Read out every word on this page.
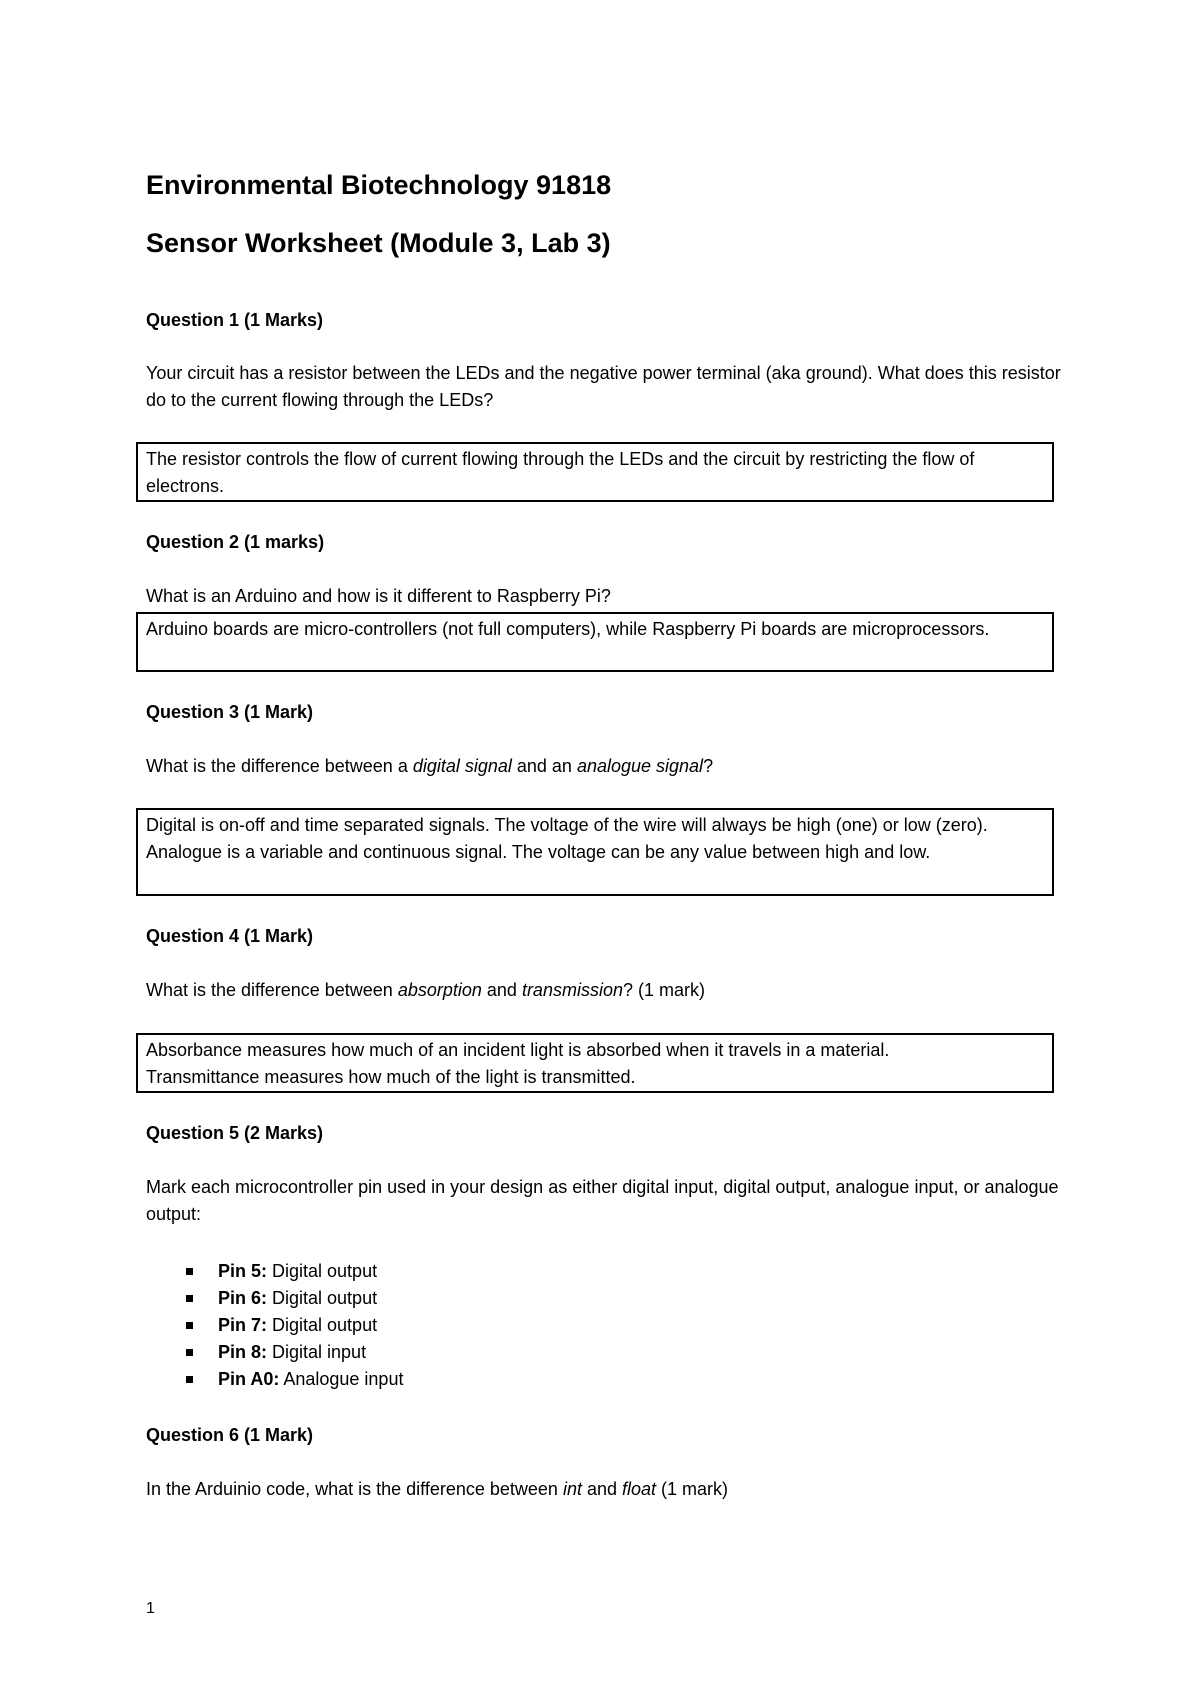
Environmental Biotechnology 91818
Sensor Worksheet (Module 3, Lab 3)

Question 1 (1 Marks)

Your circuit has a resistor between the LEDs and the negative power terminal (aka ground). What does this resistor do to the current flowing through the LEDs?

The resistor controls the flow of current flowing through the LEDs and the circuit by restricting the flow of electrons.

Question 2 (1 marks)

What is an Arduino and how is it different to Raspberry Pi?

Arduino boards are micro-controllers (not full computers), while Raspberry Pi boards are microprocessors.

Question 3 (1 Mark)

What is the difference between a digital signal and an analogue signal?

Digital is on-off and time separated signals. The voltage of the wire will always be high (one) or low (zero).

Analogue is a variable and continuous signal. The voltage can be any value between high and low.

Question 4 (1 Mark)

What is the difference between absorption and transmission? (1 mark)

Absorbance measures how much of an incident light is absorbed when it travels in a material.

Transmittance measures how much of the light is transmitted.

Question 5 (2 Marks)

Mark each microcontroller pin used in your design as either digital input, digital output, analogue input, or analogue output:

Pin 5: Digital output
Pin 6: Digital output
Pin 7: Digital output
Pin 8: Digital input
Pin A0: Analogue input

Question 6 (1 Mark)

In the Arduinio code, what is the difference between int and float (1 mark)

1
